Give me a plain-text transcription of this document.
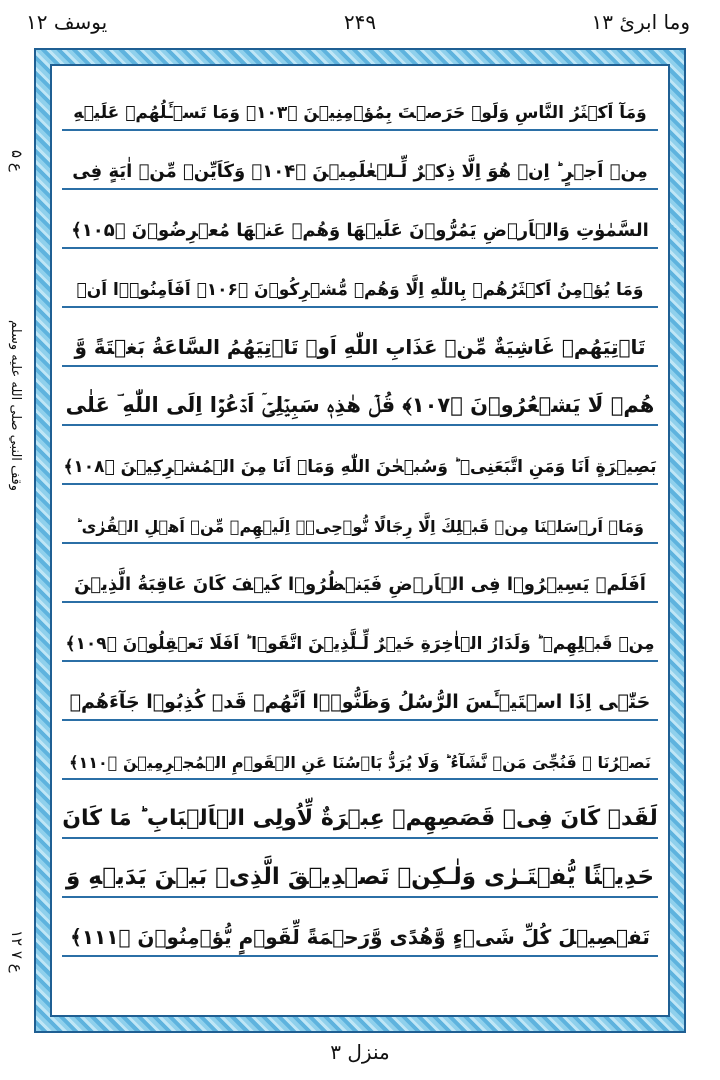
وما ابرئ ۱۳
۲۴۹
يوسف ۱۲
ع ۵
ﻭﻗﻒ ﺍﻟﻨﺒﻲ ﺻﻠﻰ ﺍﻟﻠﻪ ﻋﻠﻴﻪ ﻭﺳﻠﻢ
ع ۷ ۱۲
وَمَآ اَكۡثَرُ النَّاسِ وَلَوۡ حَرَصۡتَ بِمُؤۡمِنِيۡنَ ﴿۱۰۳﴾ وَمَا تَسۡـَٔلُهُمۡ عَلَيۡهِ
مِنۡ اَجۡرٍ ؕ اِنۡ هُوَ اِلَّا ذِكۡرٌ لِّـلۡعٰلَمِيۡنَ ﴿۱۰۴﴾ وَكَاَيِّنۡ مِّنۡ اٰيَةٍ فِى
السَّمٰوٰتِ وَالۡاَرۡضِ يَمُرُّوۡنَ عَلَيۡهَا وَهُمۡ عَنۡهَا مُعۡرِضُوۡنَ ﴿۱۰۵﴾
وَمَا يُؤۡمِنُ اَكۡثَرُهُمۡ بِاللّٰهِ اِلَّا وَهُمۡ مُّشۡرِكُوۡنَ ﴿۱۰۶﴾ اَفَاَمِنُوۡۤا اَنۡ
تَاۡتِيَهُمۡ غَاشِيَةٌ مِّنۡ عَذَابِ اللّٰهِ اَوۡ تَاۡتِيَهُمُ السَّاعَةُ بَغۡتَةً وَّ
هُمۡ لَا يَشۡعُرُوۡنَ ﴿۱۰۷﴾ قُلۡ هٰذِهٖ سَبِيۡلِىۡۤ اَدۡعُوۡۤا اِلَى اللّٰهِ ؔ عَلٰى
بَصِيۡرَةٍ اَنَا وَمَنِ اتَّبَعَنِىۡ ؕ وَسُبۡحٰنَ اللّٰهِ وَمَاۤ اَنَا مِنَ الۡمُشۡرِكِيۡنَ ﴿۱۰۸﴾
وَمَاۤ اَرۡسَلۡنَا مِنۡ قَبۡلِكَ اِلَّا رِجَالًا نُّوۡحِىۡۤ اِلَيۡهِمۡ مِّنۡ اَهۡلِ الۡقُرٰى ؕ
اَفَلَمۡ يَسِيۡرُوۡا فِى الۡاَرۡضِ فَيَنۡظُرُوۡا كَيۡفَ كَانَ عَاقِبَةُ الَّذِيۡنَ
مِنۡ قَبۡلِهِمۡ ؕ وَلَدَارُ الۡاٰخِرَةِ خَيۡرٌ لِّـلَّذِيۡنَ اتَّقَوۡا ؕ اَفَلَا تَعۡقِلُوۡنَ ﴿۱۰۹﴾
حَتّٰۤى اِذَا اسۡتَيۡـَٔسَ الرُّسُلُ وَظَنُّوۡۤا اَنَّهُمۡ قَدۡ كُذِبُوۡا جَآءَهُمۡ
نَصۡرُنَا ۙ فَنُجِّىَ مَنۡ نَّشَآءُ ؕ وَلَا يُرَدُّ بَاۡسُنَا عَنِ الۡقَوۡمِ الۡمُجۡرِمِيۡنَ ﴿۱۱۰﴾
لَقَدۡ كَانَ فِىۡ قَصَصِهِمۡ عِبۡرَةٌ لِّاُولِى الۡاَلۡبَابِ ؕ مَا كَانَ
حَدِيۡثًا يُّفۡتَـرٰى وَلٰـكِنۡ تَصۡدِيۡقَ الَّذِىۡ بَيۡنَ يَدَيۡهِ وَ
تَفۡصِيۡلَ كُلِّ شَىۡءٍ وَّهُدًى وَّرَحۡمَةً لِّقَوۡمٍ يُّؤۡمِنُوۡنَ ﴿۱۱۱﴾
منزل ۳
